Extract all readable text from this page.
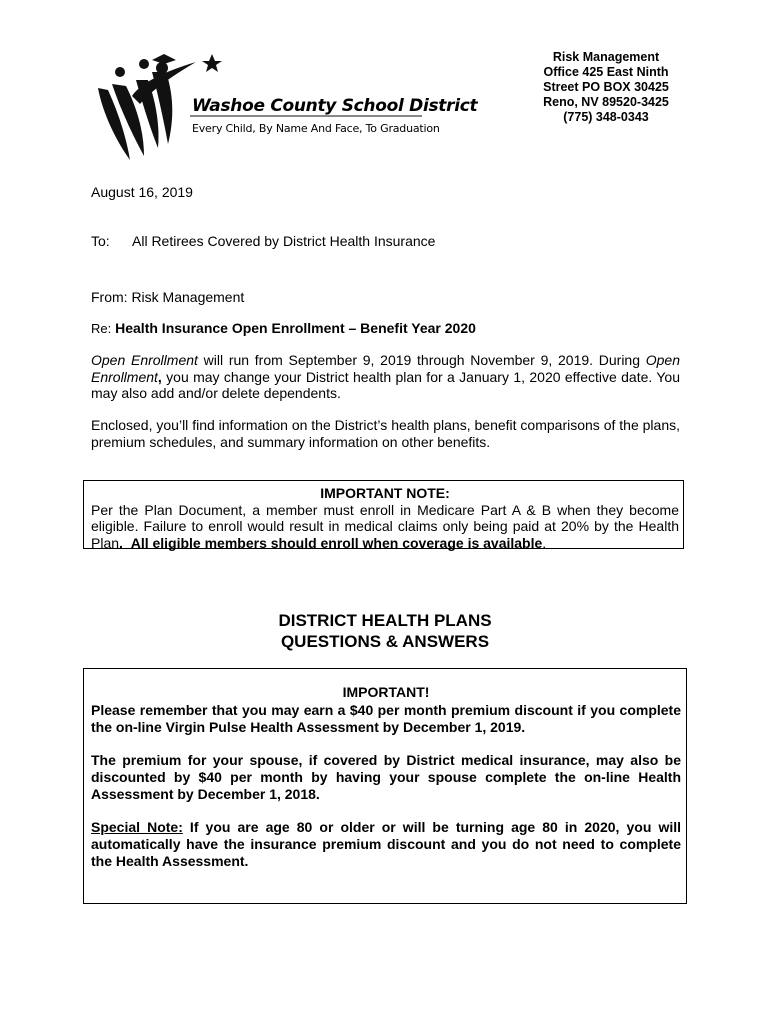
Washoe County School District
Every Child, By Name And Face, To Graduation
Risk Management
Office 425 East Ninth
Street PO BOX 30425
Reno, NV 89520-3425
(775) 348-0343
August 16, 2019
To: All Retirees Covered by District Health Insurance
From: Risk Management
Re: Health Insurance Open Enrollment – Benefit Year 2020
Open Enrollment will run from September 9, 2019 through November 9, 2019. During Open Enrollment, you may change your District health plan for a January 1, 2020 effective date. You may also add and/or delete dependents.
Enclosed, you’ll find information on the District’s health plans, benefit comparisons of the plans, premium schedules, and summary information on other benefits.
IMPORTANT NOTE:
Per the Plan Document, a member must enroll in Medicare Part A & B when they become eligible. Failure to enroll would result in medical claims only being paid at 20% by the Health Plan. All eligible members should enroll when coverage is available.
DISTRICT HEALTH PLANS
QUESTIONS & ANSWERS
IMPORTANT!

Please remember that you may earn a $40 per month premium discount if you complete the on-line Virgin Pulse Health Assessment by December 1, 2019.

The premium for your spouse, if covered by District medical insurance, may also be discounted by $40 per month by having your spouse complete the on-line Health Assessment by December 1, 2018.

Special Note: If you are age 80 or older or will be turning age 80 in 2020, you will automatically have the insurance premium discount and you do not need to complete the Health Assessment.
